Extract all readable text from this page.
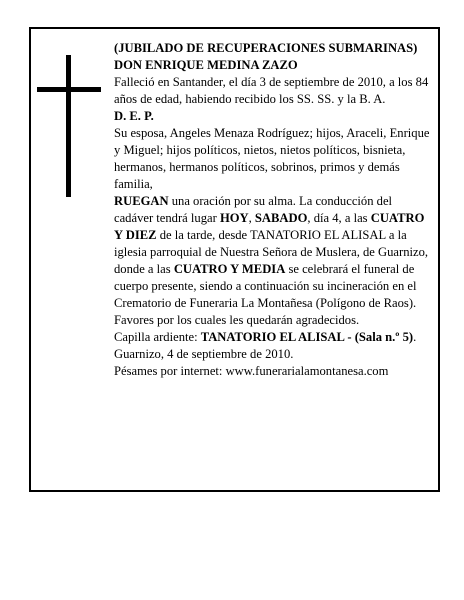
(JUBILADO DE RECUPERACIONES SUBMARINAS)

DON ENRIQUE MEDINA ZAZO

Falleció en Santander, el día 3 de septiembre de 2010, a los 84 años de edad, habiendo recibido los SS. SS. y la B. A.

D. E. P.

Su esposa, Angeles Menaza Rodríguez; hijos, Araceli, Enrique y Miguel; hijos políticos, nietos, nietos políticos, bisnieta, hermanos, hermanos políticos, sobrinos, primos y demás familia,

RUEGAN una oración por su alma. La conducción del cadáver tendrá lugar HOY, SABADO, día 4, a las CUATRO Y DIEZ de la tarde, desde TANATORIO EL ALISAL a la iglesia parroquial de Nuestra Señora de Muslera, de Guarnizo, donde a las CUATRO Y MEDIA se celebrará el funeral de cuerpo presente, siendo a continuación su incineración en el Crematorio de Funeraria La Montañesa (Polígono de Raos).

Favores por los cuales les quedarán agradecidos.

Capilla ardiente: TANATORIO EL ALISAL - (Sala n.º 5).

Guarnizo, 4 de septiembre de 2010.

Pésames por internet: www.funerarialamontanesa.com
